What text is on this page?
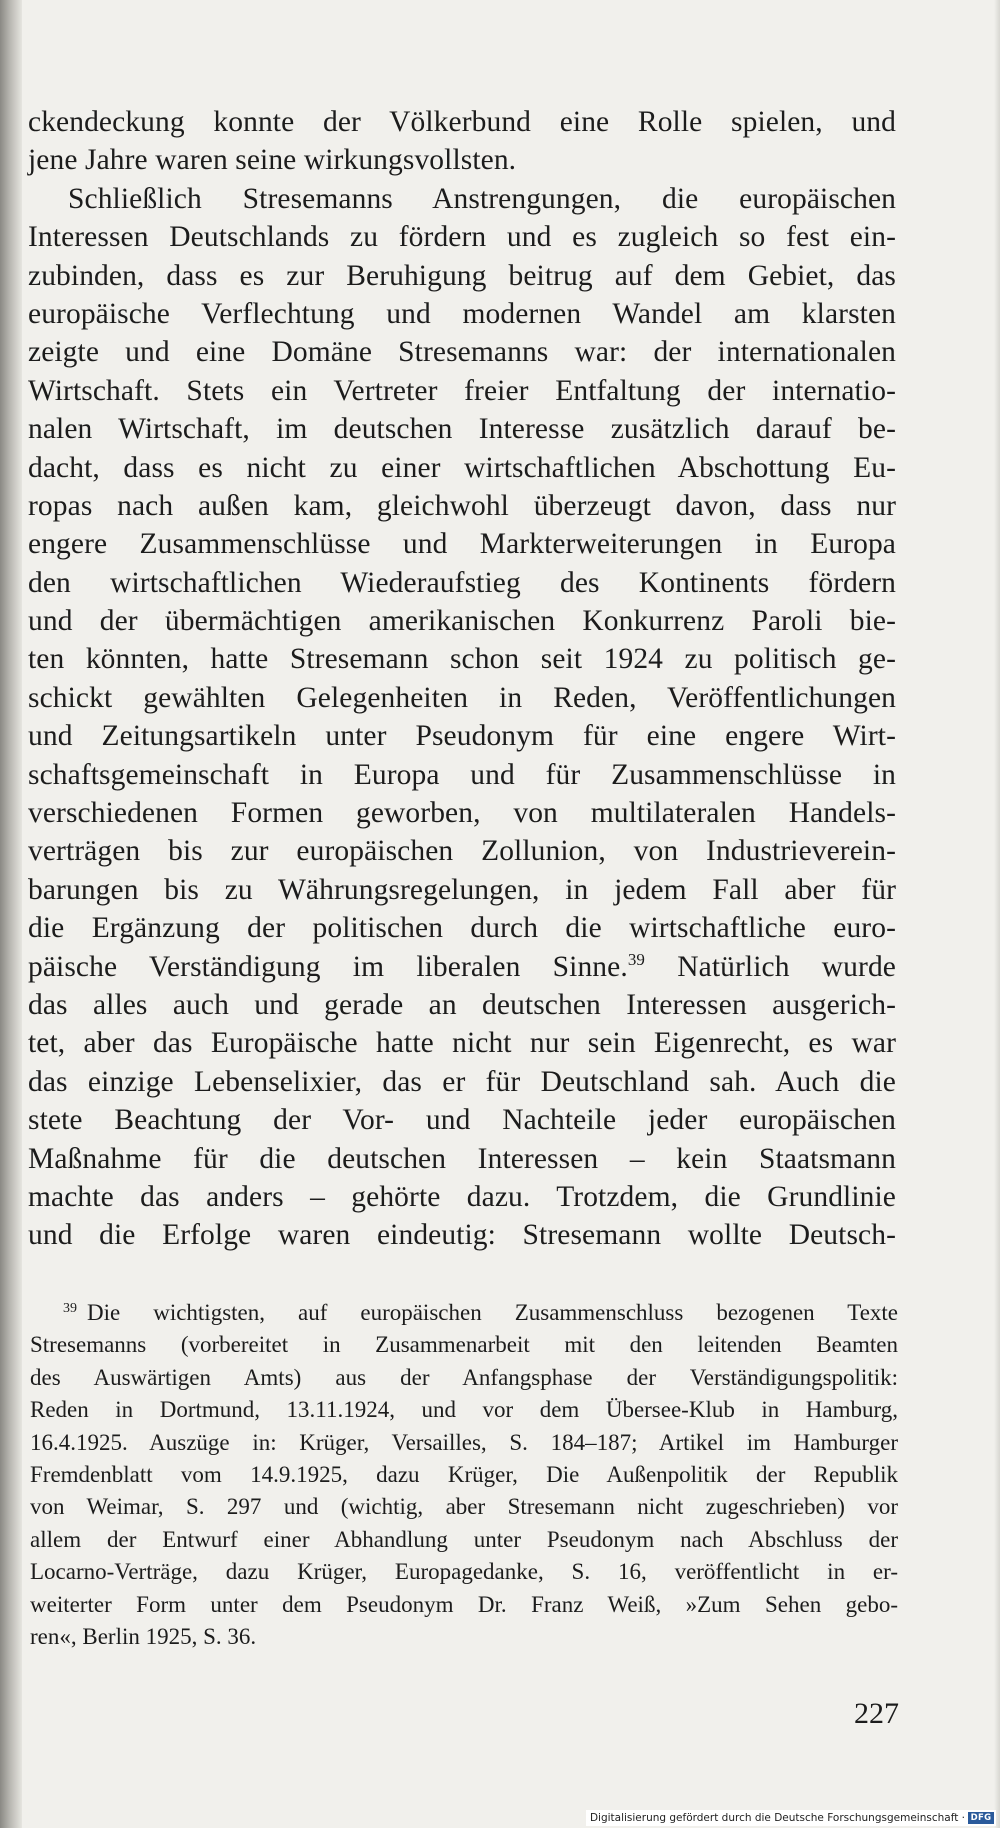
ckendeckung konnte der Völkerbund eine Rolle spielen, und
jene Jahre waren seine wirkungsvollsten.
Schließlich Stresemanns Anstrengungen, die europäischen
Interessen Deutschlands zu fördern und es zugleich so fest ein-
zubinden, dass es zur Beruhigung beitrug auf dem Gebiet, das
europäische Verflechtung und modernen Wandel am klarsten
zeigte und eine Domäne Stresemanns war: der internationalen
Wirtschaft. Stets ein Vertreter freier Entfaltung der internatio-
nalen Wirtschaft, im deutschen Interesse zusätzlich darauf be-
dacht, dass es nicht zu einer wirtschaftlichen Abschottung Eu-
ropas nach außen kam, gleichwohl überzeugt davon, dass nur
engere Zusammenschlüsse und Markterweiterungen in Europa
den wirtschaftlichen Wiederaufstieg des Kontinents fördern
und der übermächtigen amerikanischen Konkurrenz Paroli bie-
ten könnten, hatte Stresemann schon seit 1924 zu politisch ge-
schickt gewählten Gelegenheiten in Reden, Veröffentlichungen
und Zeitungsartikeln unter Pseudonym für eine engere Wirt-
schaftsgemeinschaft in Europa und für Zusammenschlüsse in
verschiedenen Formen geworben, von multilateralen Handels-
verträgen bis zur europäischen Zollunion, von Industrieverein-
barungen bis zu Währungsregelungen, in jedem Fall aber für
die Ergänzung der politischen durch die wirtschaftliche euro-
päische Verständigung im liberalen Sinne.$^{39}$ Natürlich wurde
das alles auch und gerade an deutschen Interessen ausgerich-
tet, aber das Europäische hatte nicht nur sein Eigenrecht, es war
das einzige Lebenselixier, das er für Deutschland sah. Auch die
stete Beachtung der Vor- und Nachteile jeder europäischen
Maßnahme für die deutschen Interessen – kein Staatsmann
machte das anders – gehörte dazu. Trotzdem, die Grundlinie
und die Erfolge waren eindeutig: Stresemann wollte Deutsch-
$^{39}$ Die wichtigsten, auf europäischen Zusammenschluss bezogenen Texte
Stresemanns (vorbereitet in Zusammenarbeit mit den leitenden Beamten
des Auswärtigen Amts) aus der Anfangsphase der Verständigungspolitik:
Reden in Dortmund, 13.11.1924, und vor dem Übersee-Klub in Hamburg,
16.4.1925. Auszüge in: Krüger, Versailles, S. 184–187; Artikel im Hamburger
Fremdenblatt vom 14.9.1925, dazu Krüger, Die Außenpolitik der Republik
von Weimar, S. 297 und (wichtig, aber Stresemann nicht zugeschrieben) vor
allem der Entwurf einer Abhandlung unter Pseudonym nach Abschluss der
Locarno-Verträge, dazu Krüger, Europagedanke, S. 16, veröffentlicht in er-
weiterter Form unter dem Pseudonym Dr. Franz Weiß, »Zum Sehen gebo-
ren«, Berlin 1925, S. 36.
227
Digitalisierung gefördert durch die Deutsche Forschungsgemeinschaft · DFG
